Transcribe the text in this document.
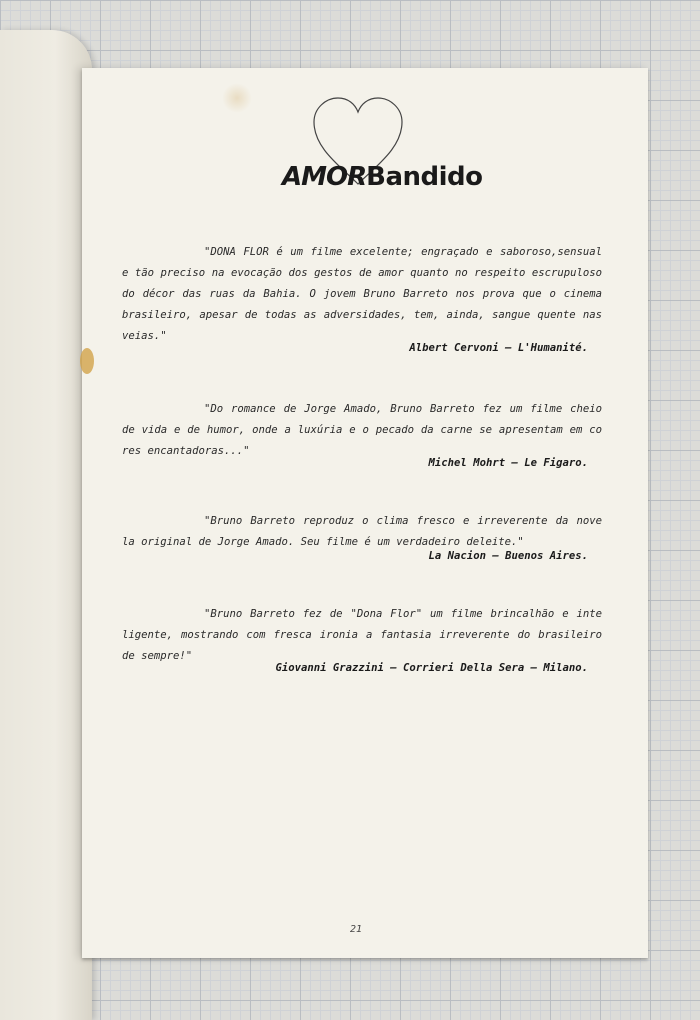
AMORBandido

"DONA FLOR é um filme excelente; engraçado e saboroso,sensual e tão preciso na evocação dos gestos de amor quanto no respeito escrupuloso do décor das ruas da Bahia. O jovem Bruno Barreto nos prova que o cinema brasileiro, apesar de todas as adversidades, tem, ainda, sangue quente nas veias."

Albert Cervoni — L'Humanité.

"Do romance de Jorge Amado, Bruno Barreto fez um filme cheio de vida e de humor, onde a luxúria e o pecado da carne se apresentam em co res encantadoras..."

Michel Mohrt — Le Figaro.

"Bruno Barreto reproduz o clima fresco e irreverente da nove la original de Jorge Amado. Seu filme é um verdadeiro deleite."

La Nacion — Buenos Aires.

"Bruno Barreto fez de "Dona Flor" um filme brincalhão e inte ligente, mostrando com fresca ironia a fantasia irreverente do brasileiro de sempre!"

Giovanni Grazzini — Corrieri Della Sera — Milano.
21
